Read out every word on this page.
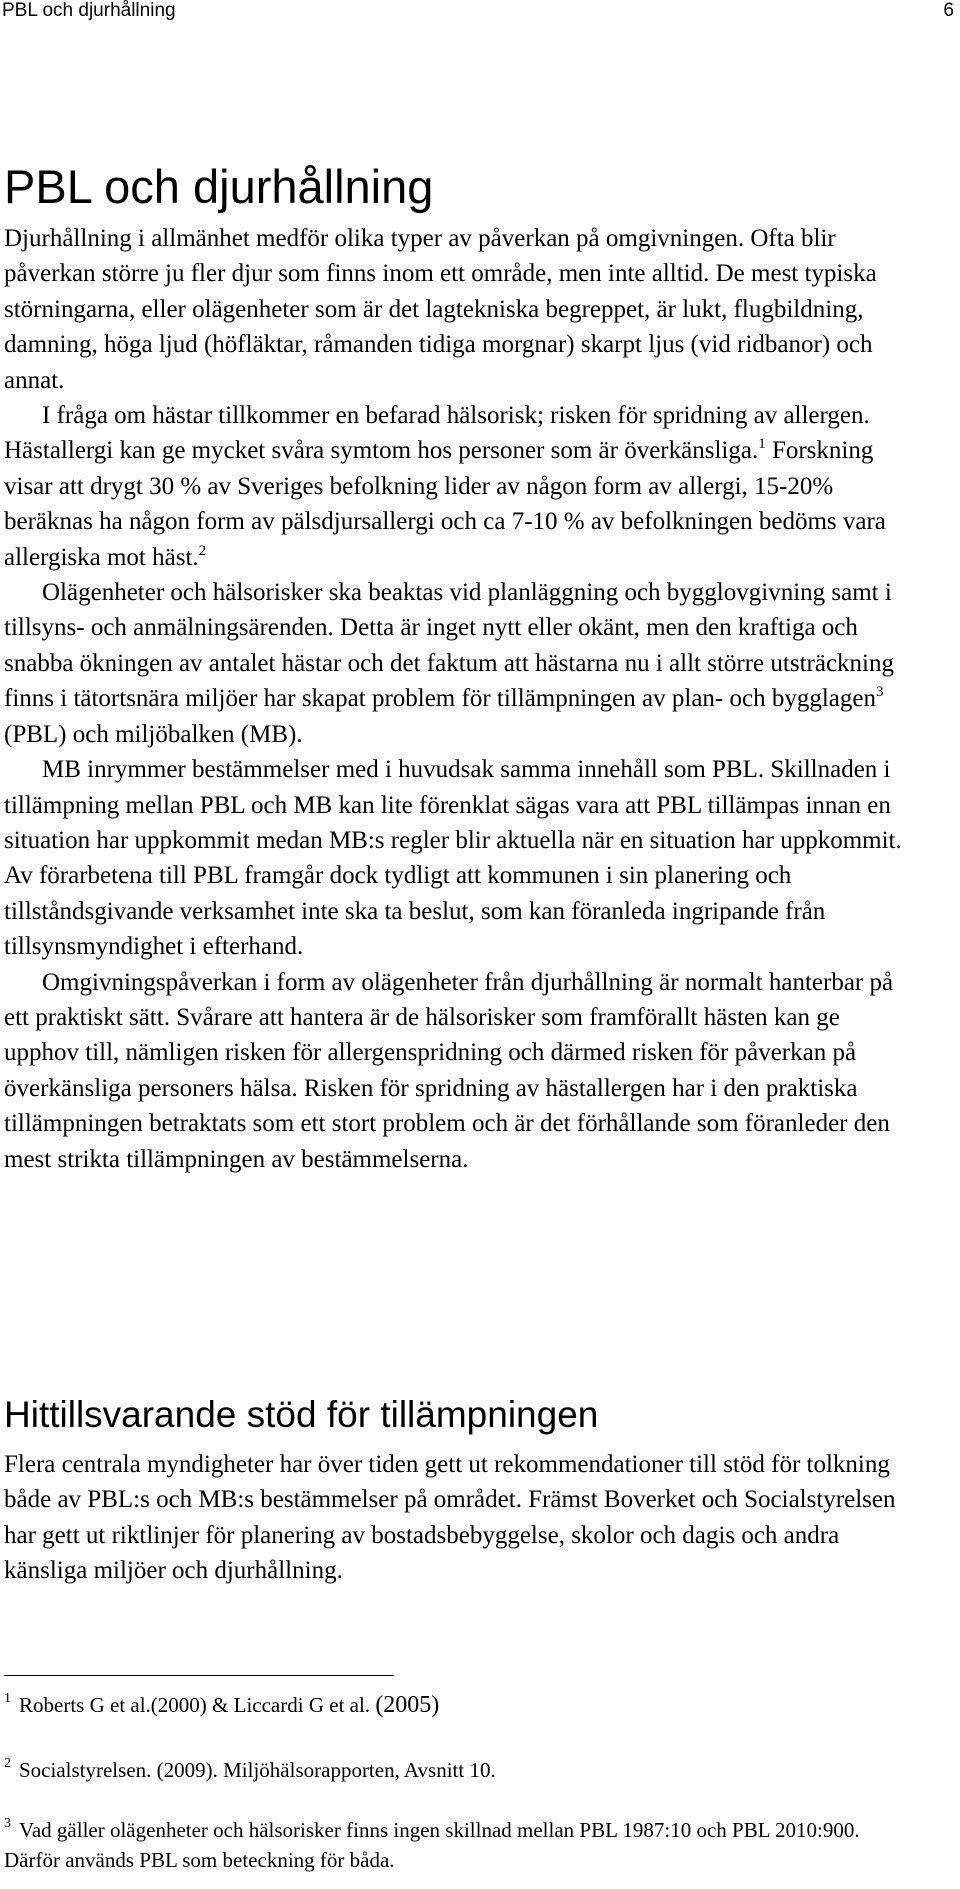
PBL och djurhållning	6
PBL och djurhållning

Djurhållning i allmänhet medför olika typer av påverkan på omgivningen. Ofta blir påverkan större ju fler djur som finns inom ett område, men inte alltid. De mest typiska störningarna, eller olägenheter som är det lagtekniska begreppet, är lukt, flugbildning, damning, höga ljud (höfläktar, råmanden tidiga morgnar) skarpt ljus (vid ridbanor) och annat.

I fråga om hästar tillkommer en befarad hälsorisk; risken för spridning av allergen. Hästallergi kan ge mycket svåra symtom hos personer som är överkänsliga.$^1$ Forskning visar att drygt 30 % av Sveriges befolkning lider av någon form av allergi, 15-20% beräknas ha någon form av pälsdjursallergi och ca 7-10 % av befolkningen bedöms vara allergiska mot häst.$^2$

Olägenheter och hälsorisker ska beaktas vid planläggning och bygglovgivning samt i tillsyns- och anmälningsärenden. Detta är inget nytt eller okänt, men den kraftiga och snabba ökningen av antalet hästar och det faktum att hästarna nu i allt större utsträckning finns i tätortsnära miljöer har skapat problem för tillämpningen av plan- och bygglagen$^3$ (PBL) och miljöbalken (MB).

MB inrymmer bestämmelser med i huvudsak samma innehåll som PBL. Skillnaden i tillämpning mellan PBL och MB kan lite förenklat sägas vara att PBL tillämpas innan en situation har uppkommit medan MB:s regler blir aktuella när en situation har uppkommit. Av förarbetena till PBL framgår dock tydligt att kommunen i sin planering och tillståndsgivande verksamhet inte ska ta beslut, som kan föranleda ingripande från tillsynsmyndighet i efterhand.

Omgivningspåverkan i form av olägenheter från djurhållning är normalt hanterbar på ett praktiskt sätt. Svårare att hantera är de hälsorisker som framförallt hästen kan ge upphov till, nämligen risken för allergenspridning och därmed risken för påverkan på överkänsliga personers hälsa. Risken för spridning av hästallergen har i den praktiska tillämpningen betraktats som ett stort problem och är det förhållande som föranleder den mest strikta tillämpningen av bestämmelserna.

Hittillsvarande stöd för tillämpningen

Flera centrala myndigheter har över tiden gett ut rekommendationer till stöd för tolkning både av PBL:s och MB:s bestämmelser på området. Främst Boverket och Socialstyrelsen har gett ut riktlinjer för planering av bostadsbebyggelse, skolor och dagis och andra känsliga miljöer och djurhållning.

$^1$ Roberts G et al.(2000) & Liccardi G et al. (2005)
$^2$ Socialstyrelsen. (2009). Miljöhälsorapporten, Avsnitt 10.
$^3$ Vad gäller olägenheter och hälsorisker finns ingen skillnad mellan PBL 1987:10 och PBL 2010:900. Därför används PBL som beteckning för båda.
